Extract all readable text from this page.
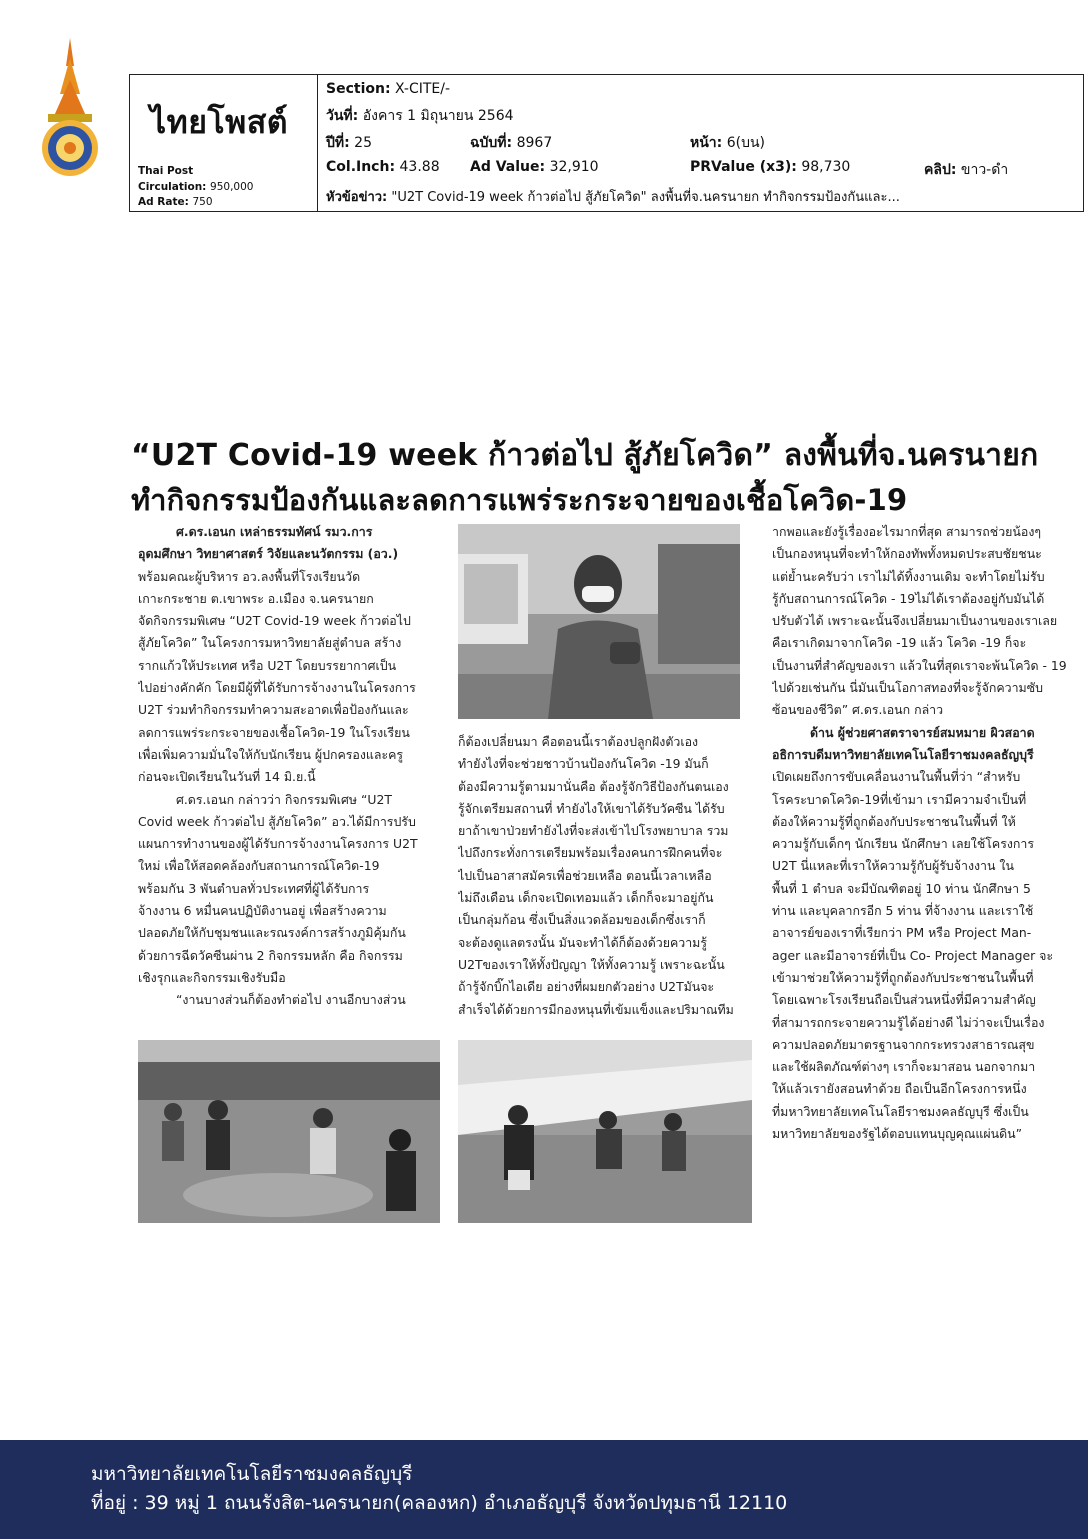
ไทยโพสต์
Thai Post
Circulation: 950,000
Ad Rate: 750
Section: X-CITE/-
วันที่: อังคาร 1 มิถุนายน 2564
ปีที่: 25	ฉบับที่: 8967	หน้า: 6(บน)
Col.Inch: 43.88 Ad Value: 32,910	PRValue (x3): 98,730	คลิป: ขาว-ดำ
หัวข้อข่าว: "U2T Covid-19 week ก้าวต่อไป สู้ภัยโควิด" ลงพื้นที่จ.นครนายก ทำกิจกรรมป้องกันและ...
“U2T Covid-19 week ก้าวต่อไป สู้ภัยโควิด” ลงพื้นที่จ.นครนายก
ทำกิจกรรมป้องกันและลดการแพร่ระกระจายของเชื้อโควิด-19

ศ.ดร.เอนก เหล่าธรรมทัศน์ รมว.การ

อุดมศึกษา วิทยาศาสตร์ วิจัยและนวัตกรรม (อว.)

พร้อมคณะผู้บริหาร อว.ลงพื้นที่โรงเรียนวัด

เกาะกระชาย ต.เขาพระ อ.เมือง จ.นครนายก

จัดกิจกรรมพิเศษ “U2T Covid-19 week ก้าวต่อไป

สู้ภัยโควิด” ในโครงการมหาวิทยาลัยสู่ตำบล สร้าง

รากแก้วให้ประเทศ หรือ U2T โดยบรรยากาศเป็น

ไปอย่างคักคัก โดยมีผู้ที่ได้รับการจ้างงานในโครงการ

U2T ร่วมทำกิจกรรมทำความสะอาดเพื่อป้องกันและ

ลดการแพร่ระกระจายของเชื้อโควิด-19 ในโรงเรียน

เพื่อเพิ่มความมั่นใจให้กับนักเรียน ผู้ปกครองและครู

ก่อนจะเปิดเรียนในวันที่ 14 มิ.ย.นี้

ศ.ดร.เอนก กล่าวว่า กิจกรรมพิเศษ “U2T

Covid week ก้าวต่อไป สู้ภัยโควิด” อว.ได้มีการปรับ

แผนการทำงานของผู้ได้รับการจ้างงานโครงการ U2T

ใหม่ เพื่อให้สอดคล้องกับสถานการณ์โควิด-19

พร้อมกัน 3 พันตำบลทั่วประเทศที่ผู้ได้รับการ

จ้างงาน 6 หมื่นคนปฏิบัติงานอยู่ เพื่อสร้างความ

ปลอดภัยให้กับชุมชนและรณรงค์การสร้างภูมิคุ้มกัน

ด้วยการฉีดวัคซีนผ่าน 2 กิจกรรมหลัก คือ กิจกรรม

เชิงรุกและกิจกรรมเชิงรับมือ

“งานบางส่วนก็ต้องทำต่อไป งานอีกบางส่วน

ก็ต้องเปลี่ยนมา คือตอนนี้เราต้องปลูกฝังตัวเอง

ทำยังไงที่จะช่วยชาวบ้านป้องกันโควิด -19 มันก็

ต้องมีความรู้ตามมานั่นคือ ต้องรู้จักวิธีป้องกันตนเอง

รู้จักเตรียมสถานที่ ทำยังไงให้เขาได้รับวัคซีน ได้รับ

ยาถ้าเขาป่วยทำยังไงที่จะส่งเข้าไปโรงพยาบาล รวม

ไปถึงกระทั่งการเตรียมพร้อมเรื่องคนการฝึกคนที่จะ

ไปเป็นอาสาสมัครเพื่อช่วยเหลือ ตอนนี้เวลาเหลือ

ไม่ถึงเดือน เด็กจะเปิดเทอมแล้ว เด็กก็จะมาอยู่กัน

เป็นกลุ่มก้อน ซึ่งเป็นสิ่งแวดล้อมของเด็กซึ่งเราก็

จะต้องดูแลตรงนั้น มันจะทำได้ก็ต้องด้วยความรู้

U2Tของเราให้ทั้งปัญญา ให้ทั้งความรู้ เพราะฉะนั้น

ถ้ารู้จักบิ๊กไอเดีย อย่างที่ผมยกตัวอย่าง U2Tมันจะ

สำเร็จได้ด้วยการมีกองหนุนที่เข้มแข็งและปริมาณทีม

ากพอและยังรู้เรื่องอะไรมากที่สุด สามารถช่วยน้องๆ

เป็นกองหนุนที่จะทำให้กองทัพทั้งหมดประสบชัยชนะ

แต่ย้ำนะครับว่า เราไม่ได้ทิ้งงานเดิม จะทำโดยไม่รับ

รู้กับสถานการณ์โควิด - 19ไม่ได้เราต้องอยู่กับมันได้

ปรับตัวได้ เพราะฉะนั้นจึงเปลี่ยนมาเป็นงานของเราเลย

คือเราเกิดมาจากโควิด -19 แล้ว โควิด -19 ก็จะ

เป็นงานที่สำคัญของเรา แล้วในที่สุดเราจะพ้นโควิด - 19

ไปด้วยเช่นกัน นี่มันเป็นโอกาสทองที่จะรู้จักความซับ

ซ้อนของชีวิต” ศ.ดร.เอนก กล่าว

ด้าน ผู้ช่วยศาสตราจารย์สมหมาย ผิวสอาด

อธิการบดีมหาวิทยาลัยเทคโนโลยีราชมงคลธัญบุรี

เปิดเผยถึงการขับเคลื่อนงานในพื้นที่ว่า “สำหรับ

โรคระบาดโควิด-19ที่เข้ามา เรามีความจำเป็นที่

ต้องให้ความรู้ที่ถูกต้องกับประชาชนในพื้นที่ ให้

ความรู้กับเด็กๆ นักเรียน นักศึกษา เลยใช้โครงการ

U2T นี่แหละที่เราให้ความรู้กับผู้รับจ้างงาน ใน

พื้นที่ 1 ตำบล จะมีบัณฑิตอยู่ 10 ท่าน นักศึกษา 5

ท่าน และบุคลากรอีก 5 ท่าน ที่จ้างงาน และเราใช้

อาจารย์ของเราที่เรียกว่า PM หรือ Project Man-

ager และมีอาจารย์ที่เป็น Co- Project Manager จะ

เข้ามาช่วยให้ความรู้ที่ถูกต้องกับประชาชนในพื้นที่

โดยเฉพาะโรงเรียนถือเป็นส่วนหนึ่งที่มีความสำคัญ

ที่สามารถกระจายความรู้ได้อย่างดี ไม่ว่าจะเป็นเรื่อง

ความปลอดภัยมาตรฐานจากกระทรวงสาธารณสุข

และใช้ผลิตภัณฑ์ต่างๆ เราก็จะมาสอน นอกจากมา

ให้แล้วเรายังสอนทำด้วย ถือเป็นอีกโครงการหนึ่ง

ที่มหาวิทยาลัยเทคโนโลยีราชมงคลธัญบุรี ซึ่งเป็น

มหาวิทยาลัยของรัฐได้ตอบแทนบุญคุณแผ่นดิน”

มหาวิทยาลัยเทคโนโลยีราชมงคลธัญบุรี
ที่อยู่ : 39 หมู่ 1 ถนนรังสิต-นครนายก(คลองหก) อำเภอธัญบุรี จังหวัดปทุมธานี 12110
